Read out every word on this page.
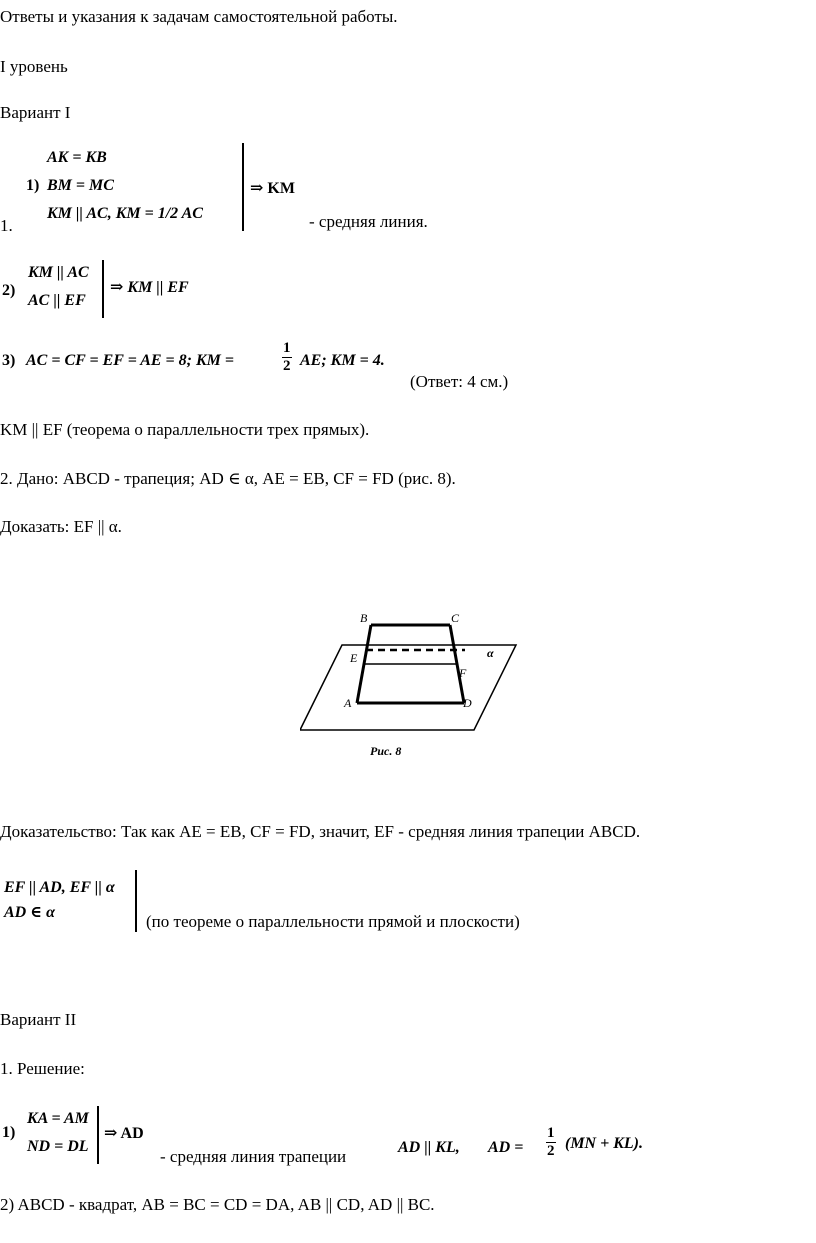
Ответы и указания к задачам самостоятельной работы.
I уровень
Вариант I
AK = KB
1) BM = MC
KM || AC, KM = 1/2 AC
⇒ KM
1.	- средняя линия.
KM || AC
2)
AC || EF
⇒ KM || EF
3) AC = CF = EF = AE = 8; KM =	$\frac{1}{2}$ AE; KM = 4.
(Ответ: 4 см.)
KM || EF (теорема о параллельности трех прямых).
2. Дано: ABCD - трапеция; AD ∈ α, AE = EB, CF = FD (рис. 8).
Доказать: EF || α.
B	C
E
F
A	D
α
Рис. 8
Доказательство: Так как AE = EB, CF = FD, значит, EF - средняя линия трапеции ABCD.
EF || AD, EF || α
AD ∈ α	(по теореме о параллельности прямой и плоскости)
Вариант II
1. Решение:
KA = AM
1)
ND = DL
⇒ AD
- средняя линия трапеции	AD || KL, AD = $\frac{1}{2} (MN + KL)$.
2) ABCD - квадрат, AB = BC = CD = DA, AB || CD, AD || BC.
